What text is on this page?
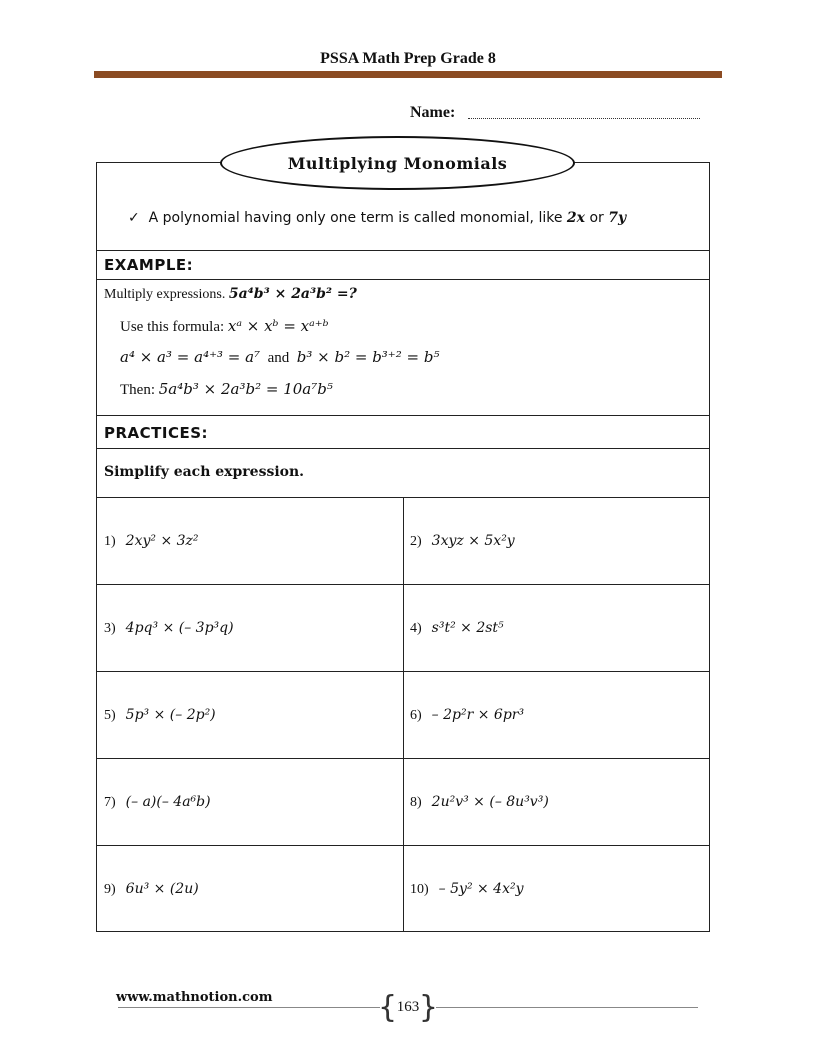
PSSA Math Prep Grade 8
Name:
Multiplying Monomials
✓ A polynomial having only one term is called monomial, like 2x or 7y
EXAMPLE:
Multiply expressions. 5a⁴b³ × 2a³b² =?
Use this formula: xᵃ × xᵇ = xᵃ⁺ᵇ
a⁴ × a³ = a⁴⁺³ = a⁷ and b³ × b² = b³⁺² = b⁵
Then: 5a⁴b³ × 2a³b² = 10a⁷b⁵
PRACTICES:
Simplify each expression.
1) 2xy² × 3z²	2) 3xyz × 5x²y
3) 4pq³ × (– 3p³q)	4) s³t² × 2st⁵
5) 5p³ × (– 2p²)	6) – 2p²r × 6pr³
7) (– a)(– 4a⁶b)	8) 2u²v³ × (– 8u³v³)
9) 6u³ × (2u)	10) – 5y² × 4x²y
www.mathnotion.com	{ 163 }
